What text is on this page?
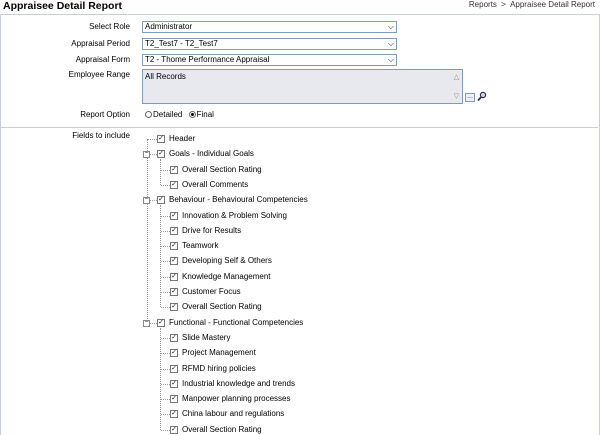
Appraisee Detail Report	Reports > Appraisee Detail Report
Select Role	Administrator	⌵
Appraisal Period	T2_Test7 - T2_Test7	⌵
Appraisal Form	T2 - Thome Performance Appraisal	⌵
Employee Range	All Records	△
▽ ...
Report Option	Detailed Final
Fields to include ✓	Header
− ✓	Goals - Individual Goals
✓
Overall Section Rating
✓
Overall Comments
− ✓	Behaviour - Behavioural Competencies
✓
Innovation & Problem Solving
✓
Drive for Results
✓
Teamwork
✓
Developing Self & Others
✓
Knowledge Management
✓
Customer Focus
✓
Overall Section Rating
− ✓	Functional - Functional Competencies
✓
Slide Mastery
✓
Project Management
✓
RFMD hiring policies
✓
Industrial knowledge and trends
✓
Manpower planning processes
✓
China labour and regulations
✓
Overall Section Rating
